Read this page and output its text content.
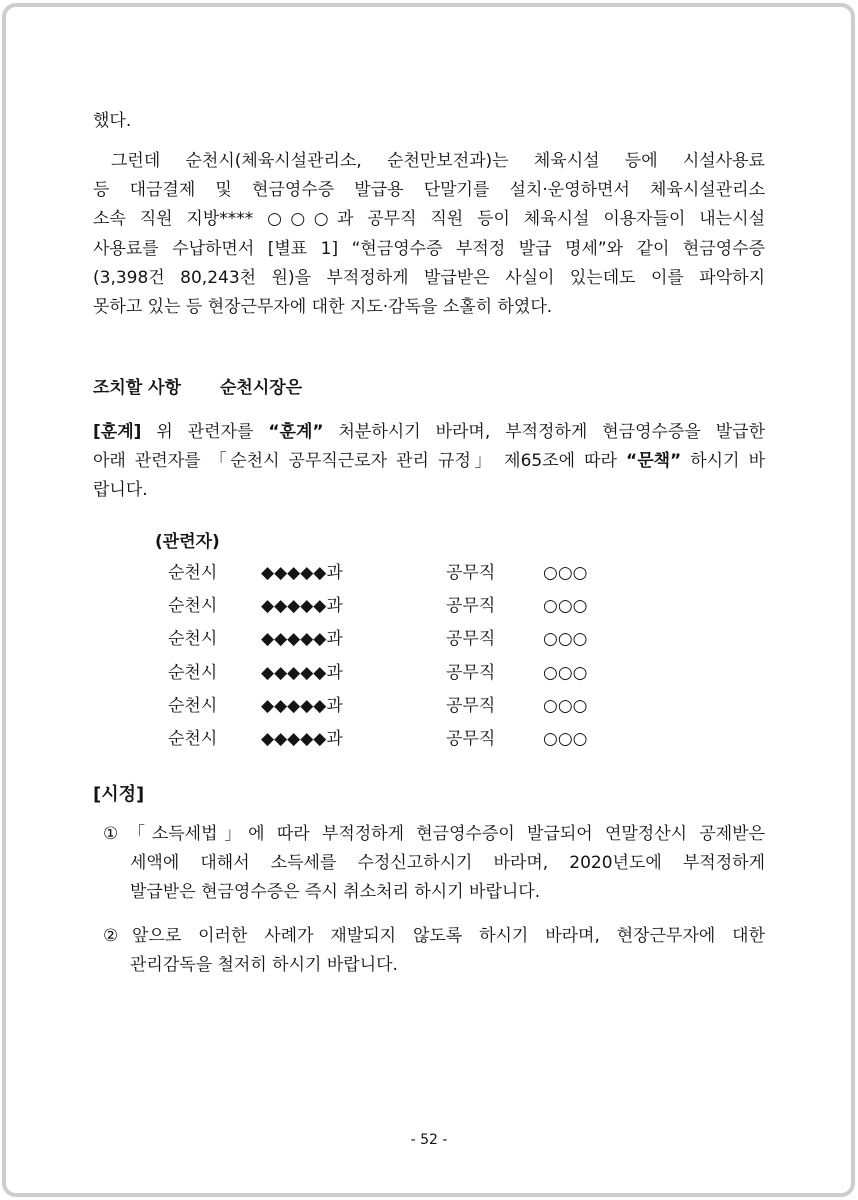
했다.
그런데 순천시(체육시설관리소, 순천만보전과)는 체육시설 등에 시설사용료
등 대금결제 및 현금영수증 발급용 단말기를 설치·운영하면서 체육시설관리소
소속 직원 지방**** ○○○과 공무직 직원 등이 체육시설 이용자들이 내는시설
사용료를 수납하면서 [별표 1] “현금영수증 부적정 발급 명세”와 같이 현금영수증
(3,398건 80,243천 원)을 부적정하게 발급받은 사실이 있는데도 이를 파악하지
못하고 있는 등 현장근무자에 대한 지도·감독을 소홀히 하였다.
조치할 사항 순천시장은
[훈계] 위 관련자를 “훈계” 처분하시기 바라며, 부적정하게 현금영수증을 발급한
아래 관련자를 「순천시 공무직근로자 관리 규정」 제65조에 따라 “문책” 하시기 바
랍니다.
(관련자)
순천시	◆◆◆◆◆과	공무직	○○○
순천시	◆◆◆◆◆과	공무직	○○○
순천시	◆◆◆◆◆과	공무직	○○○
순천시	◆◆◆◆◆과	공무직	○○○
순천시	◆◆◆◆◆과	공무직	○○○
순천시	◆◆◆◆◆과	공무직	○○○
[시정]
① 「소득세법」에 따라 부적정하게 현금영수증이 발급되어 연말정산시 공제받은
세액에 대해서 소득세를 수정신고하시기 바라며, 2020년도에 부적정하게
발급받은 현금영수증은 즉시 취소처리 하시기 바랍니다.
② 앞으로 이러한 사례가 재발되지 않도록 하시기 바라며, 현장근무자에 대한
관리감독을 철저히 하시기 바랍니다.
- 52 -
